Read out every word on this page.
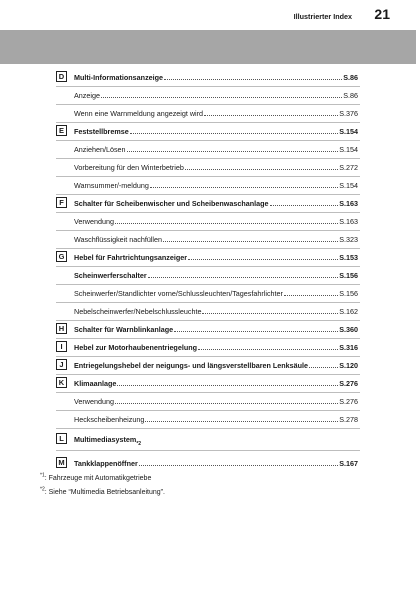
Illustrierter Index 21
D	Multi-Informationsanzeige	S.86
Anzeige	S.86
Wenn eine Warnmeldung angezeigt wird	S.376
E	Feststellbremse	S.154
Anziehen/Lösen	S.154
Vorbereitung für den Winterbetrieb	S.272
Warnsummer/-meldung	S.154
F	Schalter für Scheibenwischer und Scheibenwaschanlage	S.163
Verwendung	S.163
Waschflüssigkeit nachfüllen	S.323
G	Hebel für Fahrtrichtungsanzeiger	S.153
Scheinwerferschalter	S.156
Scheinwerfer/Standlichter vorne/Schlussleuchten/Tagesfahrlichter	S.156
Nebelscheinwerfer/Nebelschlussleuchte	S.162
H	Schalter für Warnblinkanlage	S.360
I	Hebel zur Motorhaubenentriegelung	S.316
J	Entriegelungshebel der neigungs- und längsverstellbaren Lenksäule	S.120
K	Klimaanlage	S.276
Verwendung	S.276
Heckscheibenheizung	S.278
L	Multimediasystem *2
M	Tankklappenöffner	S.167
$^{*1}$: Fahrzeuge mit Automatikgetriebe
$^{*2}$: Siehe “Multimedia Betriebsanleitung”.
